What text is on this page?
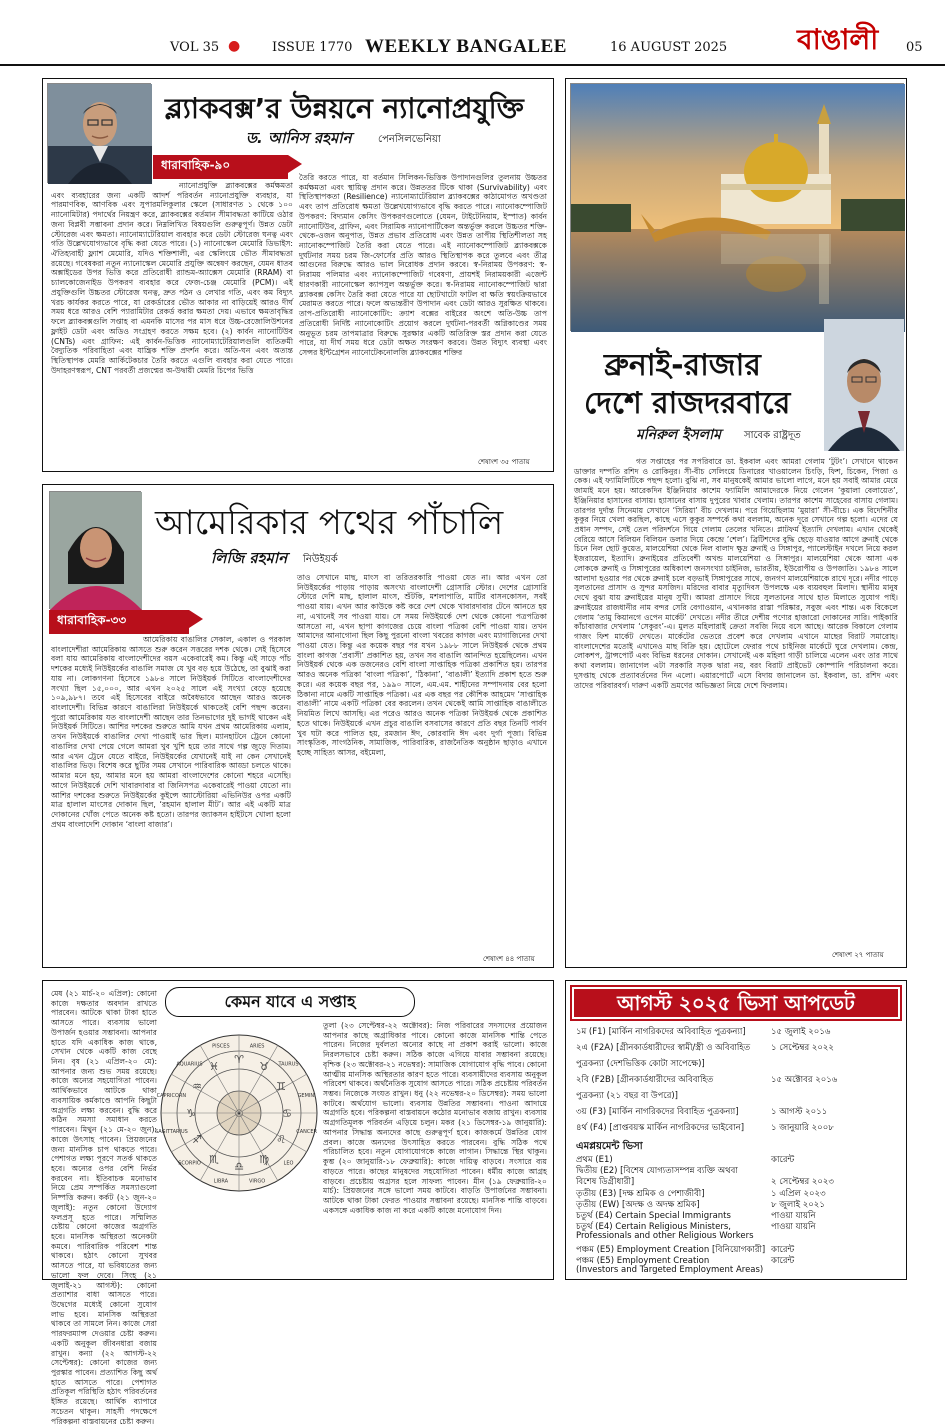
VOL 35 ● ISSUE 1770 WEEKLY BANGALEE	16 AUGUST 2025 বাঙালী 05
ব্ল্যাকবক্স’র উন্নয়নে ন্যানোপ্রযুক্তি
ড. আনিস রহমান	পেনসিলভেনিয়া
ধারাবাহিক-৯০
ন্যানোপ্রযুক্তি ব্ল্যাকবক্সের কর্মক্ষমতা এবং ব্যবহারের জন্য একটি আদর্শ পরিবর্তন ন্যানোপ্রযুক্তি ব্যবহার, যা পারমাণবিক, আণবিক এবং সুপারমলিকুলার স্কেলে (সাধারণত ১ থেকে ১০০ ন্যানোমিটার) পদার্থের নিয়ন্ত্রণ করে, ব্ল্যাকবক্সের বর্তমান সীমাবদ্ধতা কাটিয়ে ওঠার জন্য বিপ্লবী সম্ভাবনা প্রদান করে। নিম্নলিখিত বিষয়গুলি গুরুত্বপূর্ণ। উন্নত ডেটা স্টোরেজ এবং ক্ষমতা। ন্যানোম্যাটেরিয়াল ব্যবহার করে ডেটা স্টোরেজ ঘনত্ব এবং গতি উল্লেখযোগ্যভাবে বৃদ্ধি করা যেতে পারে। (১) ন্যানোস্কেল মেমোরি ডিভাইস: ঐতিহ্যবাহী ফ্ল্যাশ মেমোরি, যদিও শক্তিশালী, এর স্কেলিংয়ে ভৌত সীমাবদ্ধতা রয়েছে। গবেষকরা নতুন ন্যানোস্কেল মেমোরি প্রযুক্তি অন্বেষণ করছেন, যেমন ধাতব অক্সাইডের উপর ভিত্তি করে প্রতিরোধী র‍্যান্ডম-অ্যাক্সেস মেমোরি (RRAM) বা চ্যালকোজেনাইড উপকরণ ব্যবহার করে ফেজ-চেঞ্জ মেমোরি (PCM)। এই প্রযুক্তিগুলি উচ্চতর স্টোরেজ ঘনত্ব, দ্রুত পঠন ও লেখার গতি, এবং কম বিদ্যুৎ খরচ কার্যকর করতে পারে, যা রেকর্ডারের ভৌত আকার না বাড়িয়েই আরও দীর্ঘ সময় ধরে আরও বেশি প্যারামিটার রেকর্ড করার ক্ষমতা দেয়। এভাবে ক্ষমতাবৃদ্ধির ফলে ব্ল্যাকবক্সগুলি সপ্তাহ বা এমনকি মাসের পর মাস ধরে উচ্চ-রেজোলিউশনের ফ্লাইট ডেটা এবং অডিও সংগ্রহণ করতে সক্ষম হবে। (২) কার্বন ন্যানোটিউব (CNTs) এবং গ্রাফিন: এই কার্বন-ভিত্তিক ন্যানোম্যাটেরিয়ালগুলি ব্যতিক্রমী বৈদ্যুতিক পরিবাহিতা এবং যান্ত্রিক শক্তি প্রদর্শন করে। অতি-ঘন এবং অত্যন্ত স্থিতিস্থাপক মেমরি আর্কিটেকচার তৈরি করতে এগুলি ব্যবহার করা যেতে পারে। উদাহরণস্বরূপ, CNT পরবর্তী প্রজন্মের অ-উদ্বায়ী মেমরি চিপের ভিত্তি
তৈরি করতে পারে, যা বর্তমান সিলিকন-ভিত্তিক উপাদানগুলির তুলনায় উচ্চতর কর্মক্ষমতা এবং স্থায়িত্ব প্রদান করে। উন্নততর টিকে থাকা (Survivability) এবং স্থিতিস্থাপকতা (Resilience) ন্যানোম্যাটেরিয়াল ব্ল্যাকবক্সের কাঠামোগত অখণ্ডতা এবং তাপ প্রতিরোধ ক্ষমতা উল্লেখযোগ্যভাবে বৃদ্ধি করতে পারে। ন্যানোকম্পোজিট উপকরণ: বিদ্যমান কেসিং উপকরণগুলোতে (যেমন, টাইটেনিয়াম, ইস্পাত) কার্বন ন্যানোটিউব, গ্রাফিন, এবং সিরামিক ন্যানোপার্টিকেল অন্তর্ভুক্ত করলে উচ্চতর শক্তি-থেকে-ওজন অনুপাত, উন্নত প্রভাব প্রতিরোধ এবং উন্নত তাপীয় স্থিতিশীলতা সহ ন্যানোকম্পোজিট তৈরি করা যেতে পারে। এই ন্যানোকম্পোজিট ব্ল্যাকবক্সকে দুর্ঘটনার সময় চরম জি-ফোর্সের প্রতি আরও স্থিতিস্থাপক করে তুলবে এবং তীব্র আগুনের বিরুদ্ধে আরও ভাল নিরোধক প্রদান করবে। স্ব-নিরাময় উপকরণ: স্ব-নিরাময় পলিমার এবং ন্যানোকম্পোজিট গবেষণা, প্রায়শই নিরাময়কারী এজেন্ট ধারণকারী ন্যানোস্কেল ক্যাপসুল অন্তর্ভুক্ত করে। স্ব-নিরাময় ন্যানোকম্পোজিট দ্বারা ব্ল্যাকবক্স কেসিং তৈরি করা যেতে পারে যা ছোটখাটো ফাটল বা ক্ষতি স্বয়ংক্রিয়ভাবে মেরামত করতে পারে। ফলে অভ্যন্তরীণ উপাদান এবং ডেটা আরও সুরক্ষিত থাকবে। তাপ-প্রতিরোধী ন্যানোকোটিং: ক্র্যাশ বক্সের বাইরের অংশে অতি-উচ্চ তাপ প্রতিরোধী নির্দিষ্ট ন্যানোকোটিং প্রয়োগ করলে দুর্ঘটনা-পরবর্তী অগ্নিকাণ্ডের সময় অনুভূত চরম তাপমাত্রার বিরুদ্ধে সুরক্ষার একটি অতিরিক্ত স্তর প্রদান করা যেতে পারে, যা দীর্ঘ সময় ধরে ডেটা অক্ষত সংরক্ষণ করবে। উন্নত বিদ্যুৎ ব্যবস্থা এবং সেন্সর ইন্টিগ্রেশন ন্যানোটেকনোলজি ব্ল্যাকবক্সের শক্তির
শেষাংশ ৩৫ পাতায়
ব্রুনাই-রাজার
দেশে রাজদরবারে
মনিরুল ইসলাম সাবেক রাষ্ট্রদূত
গত সপ্তাহের পর সপরিবারে ডা. ইকবাল এবং আমরা গেলাম ‘টুটং’। সেখানে থাকেন ডাক্তার দম্পতি রশিদ ও রোকিনুর। সী-বীচ সেলিংয়ে ডিনারের খাওয়ালেন চিংড়ি, ফিশ, চিকেন, পিজা ও কেক। এই ফ্যামিলিটিকে পছন্দ হলো। বুঝি না, সব মানুষকেই আমার ভালো লাগে, মনে হয় সবাই আমার মেয়ে জামাই মনে হয়। আরেকদিন ইঞ্জিনিয়ার কাশেম ফ্যামিলি আমাদেরকে নিয়ে গেলেন ‘কুয়ালা বেলায়েত’, ইঞ্জিনিয়ার হাসানের বাসায়। হ্যাসানের বাসায় দুপুরের খাবার খেলাম। তারপর কাশেম সাহেবের বাসায় গেলাম। তারপর দুর্দান্ত সিনেমায় সেখানে ‘সিরিয়া’ বীচ দেখলাম। পরে গিয়েছিলাম ‘মুয়ারা’ সী-বীচে। এক বিদেশিনীর কুকুর নিয়ে খেলা করছিল, কাছে এসে কুকুর সম্পর্কে কথা বললাম, অনেক দূরে সেখানে গল্প হলো। এদের যে প্রধান সম্পদ, সেই তেল পরিদর্শনে গিয়ে গেলাম তেলের খনিতে। প্লাটফর্ম ইত্যাদি দেখলাম। এখান থেকেই বেরিয়ে আসে বিলিয়ন বিলিয়ন ডলার দিয়ে কেন্দ্রে ‘শেল’। ব্রিটিশদের বুদ্ধি ছেড়ে যাওয়ার আগে ব্রুনাই থেকে চিনে নিল ছোট কুয়েত, মালয়েশিয়া থেকে নিল বালাদ ক্ষুদ্র ব্রুনাই ও সিঙ্গাপুর, প্যালেস্টাইন দখলে নিয়ে করল ইজরায়েল, ইত্যাদি। ব্রুনাইয়ের প্রতিবেশী অখন্ড মালয়েশিয়া ও সিঙ্গাপুর। মালয়েশিয়া থেকে আসা এক লোককে ব্রুনাই ও সিঙ্গাপুরের অধিকাংশ জনসংখ্যা চাইনিজ, ভারতীয়, ইউরোপীয় ও উপজাতি। ১৯৮৪ সালে আলাদা হওয়ার পর থেকে ব্রুনাই চলে বড়ভাই সিঙ্গাপুরের সাথে, জনগণ মালয়েশিয়াকে রাখে দূরে। নদীর পাড়ে সুলতানের প্রাসাদ ও সুন্দর মসজিদ। মরিদের বাবার মৃত্যুদিবস উপলক্ষে এক ব্যয়বহুল মিলাদ। স্থানীয় মানুষ দেখে বুঝা যায় ব্রুনাইয়ের মানুষ সুখী। আমরা প্রাসাদে গিয়ে সুলতানের সাথে হাত মিলাতে সুযোগ পাই। ব্রুনাইয়ের রাজধানীর নাম বন্দর সেরি বেগাওয়ান, এখানকার রাস্তা পরিষ্কার, সবুজ এবং শান্ত। এক বিকেলে গেলাম ‘তামু কিয়ানগে ওপেন মার্কেট’ দেখতে। নদীর তীরে দেশীয় পণ্যের হাজারো দোকানের সারি। পাইকারি কাঁচাবাজার দেখলাম ‘সেকুরং’-এ। মুলত মহিলারাই ক্রেতা সবজি নিয়ে বসে আছে। আরেক বিকালে গেলাম গাজং ফিশ মার্কেট দেখতে। মার্কেটের ভেতরে প্রবেশ করে দেখলাম এখানে মাছের বিরাট সমারোহ। বাংলাদেশের মতোই এখানেও মাছ বিক্রি হয়। হোটেলে ফেরার পথে চাইনিজ মার্কেটে ঘুরে দেখলাম। কেন্দ্র, লোকশপ, ট্রান্সপোর্ট এবং বিভিন্ন ধরনের দোকান। সেখানেই এক মহিলা গাড়ী চালিয়ে এলেন এবং তার সাথে কথা বললাম। জানাগেল এটা সরকারি সড়ক দ্বারা নয়, বরং বিরাট প্রাইভেট কোম্পানি পরিচালনা করে। দুসপ্তাহ থেকে প্রত্যাবর্তনের দিন এলো। এয়ারপোর্টে এসে বিদায় জানালেন ডা. ইকবাল, ডা. রশিদ এবং তাদের পরিবারবর্গ। দারুণ একটি ভ্রমণের অভিজ্ঞতা নিয়ে দেশে ফিরলাম।
শেষাংশ ২৭ পাতায়
আমেরিকার পথের পাঁচালি
লিজি রহমান নিউইয়র্ক
ধারাবাহিক-৩৩
আমেরিকায় বাঙালির সেকাল, একাল ও পরকাল বাংলাদেশীরা আমেরিকায় আসতে শুরু করেন সত্তরের দশক থেকে। সেই হিসেবে বলা যায় আমেরিকায় বাংলাদেশীদের বয়স একেবারেই কম। কিন্তু এই সাড়ে পাঁচ দশকের মধ্যেই নিউইয়র্কের বাঙালি সমাজ যে খুব বড় হয়ে উঠেছে, তা বুঝাই করা যায় না। লোকগণনা হিসেবে ১৯৮৪ সালে নিউইয়র্ক সিটিতে বাংলাদেশীদের সংখ্যা ছিল ১৫,০০০, আর এখন ২০২৫ সালে এই সংখ্যা বেড়ে হয়েছে ১০৯,৯৮৭। তবে এই হিসেবের বাইরে অবৈধভাবে আছেন আরও অনেক বাংলাদেশী। বিভিন্ন কারণে বাঙালিরা নিউইয়র্কে থাকতেই বেশি পছন্দ করেন। পুরো আমেরিকায় যত বাংলাদেশী আছেন তার তিনভাগের দুই ভাগই থাকেন এই নিউইয়র্ক সিটিতে। আশির দশকের শুরুতে আমি যখন প্রথম আমেরিকায় এলাম, তখন নিউইয়র্কে বাঙালির দেখা পাওয়াই ভার ছিল। ম্যানহাটনে ট্রেনে কোনো বাঙালির দেখা পেয়ে গেলে আমরা খুব খুশি হয়ে তার সাথে গল্প জুড়ে দিতাম। আর এখন ট্রেনে যেতে বাইরে, নিউইয়র্কের যেখানেই যাই না কেন সেখানেই বাঙালির ভিড়। বিশেষ করে ছুটির সময় সেখানে পারিবারিক আড্ডা চলতে থাকে। আমার মনে হয়, আমার মনে হয় আমরা বাংলাদেশের কোনো শহরে এসেছি। আগে নিউইয়র্কে দেশি খাবারদাবার বা জিনিসপত্র একেবারেই পাওয়া যেতো না। আশির দশকের শুরুতে নিউইয়র্কের কুইন্সে অ্যাস্টোরিয়া এভিনিউর ওপর একটি মাত্র হালাল মাংসের দোকান ছিল, ‘রহমান হালাল মীট’। আর এই একটি মাত্র দোকানের খোঁজ পেতে অনেক কষ্ট হতো। তারপর জ্যাকসন হাইটসে খোলা হলো প্রথম বাংলাদেশি দোকান ‘বাংলা বাজার’।
তাও সেখানে মাছ, মাংস বা তরিতরকারি পাওয়া যেত না। আর এখন তো নিউইয়র্কের পাড়ায় পাড়ায় অসংখ্য বাংলাদেশী গ্রোসারি স্টোর। দেশের গ্রোসারি স্টোরে দেশি মাছ, হালাল মাংস, শুঁটকি, মশলাপাতি, মাটির বাসনকোসন, সবই পাওয়া যায়। এখন আর কাউকে কষ্ট করে দেশ থেকে খাবারদাবার টেনে আনতে হয় না, এখানেই সব পাওয়া যায়। সে সময় নিউইয়র্কে দেশ থেকে কোনো পত্রপত্রিকা আসতো না, এখন ছাপা কাগজের চেয়ে বাংলা পত্রিকা বেশি পাওয়া যায়। তখন আমাদের আনাগোনা ছিল কিছু পুরনো বাংলা খবরের কাগজ এবং ম্যাগাজিনের দেখা পাওয়া যেত। কিন্তু এর কয়েক বছর পর যখন ১৯৮৮ সালে নিউইয়র্ক থেকে প্রথম বাংলা কাগজ ‘প্রবাসী’ প্রকাশিত হয়, তখন সব বাঙালি আনন্দিত হয়েছিলেন। এখন নিউইয়র্ক থেকে এক ডজনেরও বেশি বাংলা সাপ্তাহিক পত্রিকা প্রকাশিত হয়। তারপর আরও অনেক পত্রিকা ‘বাংলা পত্রিকা’, ‘ঠিকানা’, ‘বাঙালী’ ইত্যাদি প্রকাশ হতে শুরু করে। এর কয়েক বছর পর, ১৯৯০ সালে, এম.এম. শাহীনের সম্পাদনায় বের হলো ঠিকানা নামে একটি সাপ্তাহিক পত্রিকা। এর এক বছর পর কৌশিক আহমেদ ‘সাপ্তাহিক বাঙালী’ নামে একটি পত্রিকা বের করলেন। তখন থেকেই আমি সাপ্তাহিক বাঙালীতে নিয়মিত লিখে আসছি। এর পরেও আরও অনেক পত্রিকা নিউইয়র্ক থেকে প্রকাশিত হতে থাকে। নিউইয়র্কে এখন প্রচুর বাঙালি বসবাসের কারণে প্রতি বছর তিনটি পার্বণ খুব ঘটা করে পালিত হয়, রমজান ঈদ, কোরবানি ঈদ এবং দুর্গা পূজা। বিভিন্ন সাংস্কৃতিক, সাংগঠনিক, সামাজিক, পারিবারিক, রাজনৈতিক অনুষ্ঠান ছাড়াও এখানে হচ্ছে সাহিত্য আসর, বইমেলা,
শেষাংশ ৪৪ পাতায়
কেমন যাবে এ সপ্তাহ
মেষ (২১ মার্চ-২০ এপ্রিল): কোনো কাজে দক্ষতার অবদান রাখতে পারবেন। আটকে থাকা টাকা হাতে আসতে পারে। ব্যবসায় ভালো উপার্জন হওয়ার সম্ভাবনা। আপনার হাতে যদি একাধিক কাজ থাকে, সেখান থেকে একটি কাজ বেছে নিন। বৃষ (২১ এপ্রিল-২০ মে): আপনার জন্য শুভ সময় রয়েছে। কাজে অন্যের সহযোগিতা পাবেন। আর্থিকভাবে আটকে থাকা ব্যবসায়িক কর্মকাণ্ডে আপনি কিছুটা অগ্রগতি লক্ষ্য করবেন। বুদ্ধি করে কঠিন সমস্যা সমাধান করতে পারবেন। মিথুন (২১ মে-২০ জুন): কাজে উৎসাহ পাবেন। প্রিয়জনের জন্য মানসিক চাপ থাকতে পারে। পেশাগত লক্ষ্য পূরণে সতর্ক থাকতে হবে। অন্যের ওপর বেশি নির্ভর করবেন না। ইতিবাচক মনোভাব নিয়ে প্রেম সম্পর্কিত সমস্যাগুলো নিষ্পত্তি করুন। কর্কট (২১ জুন-২০ জুলাই): নতুন কোনো উদ্যোগ ফলপ্রসূ হতে পারে। সম্মিলিত চেষ্টায় কোনো কাজের অগ্রগতি হবে। মানসিক অস্থিরতা অনেকটা কমবে। পারিবারিক পরিবেশ শান্ত থাকবে। হঠাৎ কোনো সুখবর আসতে পারে, যা ভবিষ্যতের জন্য ভালো ফল দেবে। সিংহ (২১ জুলাই-২১ আগস্ট): কোনো প্রত্যাশার বাধা আসতে পারে। উদ্বেগের মধ্যেই কোনো সুযোগ লাভ হবে। মানসিক অস্থিরতা থাকবে তা সামলে নিন। কাজে সেরা পারফরম্যান্স দেওয়ার চেষ্টা করুন। একটি অনুকূল জীবনধারা বজায় রাখুন। কন্যা (২২ আগস্ট-২২ সেপ্টেম্বর): কোনো কাজের জন্য পুরস্কার পাবেন। প্রত্যাশিত কিছু অর্থ হাতে আসতে পারে। পেশাগত প্রতিকূল পরিস্থিতি হঠাৎ পরিবর্তনের ইঙ্গিত রয়েছে। আর্থিক ব্যাপারে সচেতন থাকুন। সাহসী পদক্ষেপে পরিকল্পনা বাস্তবায়নের চেষ্টা করুন।
ARIES
TAURUS
GEMINI
CANCER
LEO
VIRGO
LIBRA
SCORPIO
SAGITTARIUS
CAPRICORN
AQUARIUS
PISCES
♈
♉
♊
♋
♌
♍
♎
♏
♐
♑
♒
♓
☉
তুলা (২৩ সেপ্টেম্বর-২২ অক্টোবর): নিজ পরিবারের সদস্যদের প্রয়োজন আপনার কাছে অগ্রাধিকার পাবে। কোনো কাজে মানসিক শান্তি পেতে পারেন। নিজের দুর্বলতা অন্যের কাছে না প্রকাশ করাই ভালো। কাজে নিরলসভাবে চেষ্টা করুন। সঠিক কাজে এগিয়ে যাবার সম্ভাবনা রয়েছে। বৃশ্চিক (২৩ অক্টোবর-২১ নভেম্বর): সামাজিক যোগাযোগ বৃদ্ধি পাবে। কোনো আত্মীয় মানসিক অস্থিরতার কারণ হতে পারে। ব্যবসায়ীদের ব্যবসায় অনুকূল পরিবেশ থাকবে। অর্থনৈতিক সুযোগ আসতে পারে। সঠিক প্রচেষ্টায় পরিবর্তন সম্ভব। নিজেকে সংযত রাখুন। ধনু (২২ নভেম্বর-২০ ডিসেম্বর): সময় ভালো কাটবে। অর্থযোগ ভালো। ব্যবসায় উন্নতির সম্ভাবনা। পাওনা আদায়ে অগ্রগতি হবে। পরিকল্পনা বাস্তবায়নে কঠোর মনোভাব বজায় রাখুন। ব্যবসায় অগ্রগতিমূলক পরিবর্তন এড়িয়ে চলুন। মকর (২১ ডিসেম্বর-১৯ জানুয়ারি): আপনার সিদ্ধান্ত অন্যদের কাছে গুরুত্বপূর্ণ হবে। কাজকর্মে উন্নতির যোগ প্রবল। কাজে অন্যদের উৎসাহিত করতে পারবেন। বুদ্ধি সঠিক পথে পরিচালিত হবে। নতুন যোগাযোগকে কাজে লাগান। সিদ্ধান্তে স্থির থাকুন। কুম্ভ (২০ জানুয়ারি-১৮ ফেব্রুয়ারি): কাজে দায়িত্ব বাড়বে। সংসারে ব্যয় বাড়তে পারে। কাছের মানুষদের সহযোগিতা পাবেন। ধর্মীয় কাজে আগ্রহ বাড়বে। প্রচেষ্টায় অগ্রসর হলে সাফল্য পাবেন। মীন (১৯ ফেব্রুয়ারি-২০ মার্চ): প্রিয়জনের সঙ্গে ভালো সময় কাটবে। বাড়তি উপার্জনের সম্ভাবনা। আটকে থাকা টাকা ফেরত পাওয়ার সম্ভাবনা রয়েছে। মানসিক শান্তি বাড়বে। একসঙ্গে একাধিক কাজ না করে একটি কাজে মনোযোগ দিন।
আগস্ট ২০২৫ ভিসা আপডেট
১ম (F1) [মার্কিন নাগরিকদের অবিবাহিত পুত্রকন্যা]	১৫ জুলাই ২০১৬
২এ (F2A) [গ্রীনকার্ডধারীদের স্বামী/স্ত্রী ও অবিবাহিত ১ সেপ্টেম্বর ২০২২
পুত্রকন্যা (দেশভিত্তিক কোটা সাপেক্ষে)]
২বি (F2B) [গ্রীনকার্ডধারীদের অবিবাহিত	১৫ অক্টোবর ২০১৬
পুত্রকন্যা (২১ বছর বা উপরে)]
৩য় (F3) [মার্কিন নাগরিকদের বিবাহিত পুত্রকন্যা]	১ আগস্ট ২০১১
৪র্থ (F4) [প্রাপ্তবয়স্ক মার্কিন নাগরিকদের ভাইবোন]	১ জানুয়ারি ২০০৮
এমপ্লয়মেন্ট ভিসা
প্রথম (E1)	কারেন্ট
দ্বিতীয় (E2) [বিশেষ যোগ্যতাসম্পন্ন ব্যক্তি অথবা
বিশেষ ডিগ্রীধারী]	২ সেপ্টেম্বর ২০২৩
তৃতীয় (E3) [দক্ষ শ্রমিক ও পেশাজীবী]	১ এপ্রিল ২০২৩
তৃতীয় (EW) [অদক্ষ ও অদক্ষ শ্রমিক]	৮ জুলাই ২০২১
চতুর্থ (E4) Certain Special Immigrants	পাওয়া যায়নি
চতুর্থ (E4) Certain Religious Ministers,	পাওয়া যায়নি
Professionals and other Religious Workers
পঞ্চম (E5) Employment Creation [বিনিয়োগকারী] কারেন্ট
পঞ্চম (E5) Employment Creation	কারেন্ট
(Investors and Targeted Employment Areas)
